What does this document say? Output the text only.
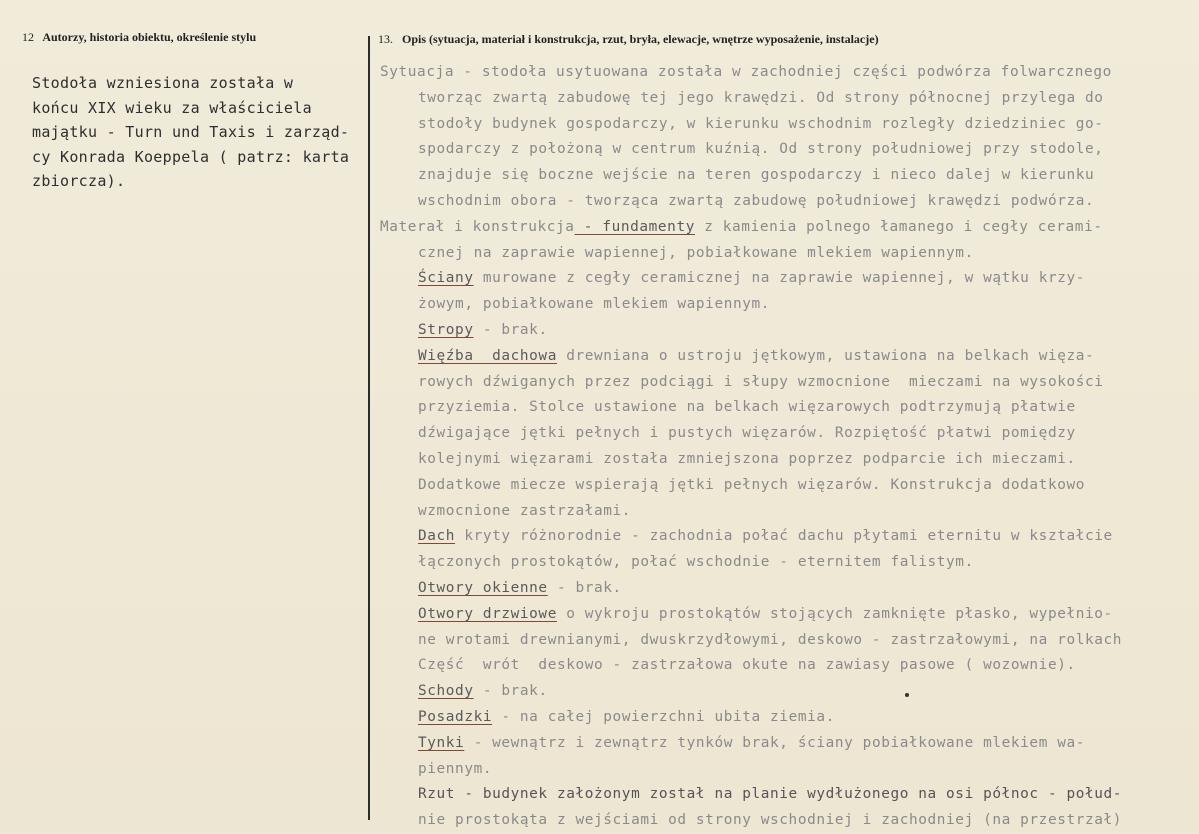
12 Autorzy, historia obiektu, określenie stylu	13. Opis (sytuacja, materiał i konstrukcja, rzut, bryła, elewacje, wnętrze wyposażenie, instalacje)
Stodoła wzniesiona została w
końcu XIX wieku za właściciela
majątku - Turn und Taxis i zarząd-
cy Konrada Koeppela ( patrz: karta
zbiorcza).
Sytuacja - stodoła usytuowana została w zachodniej części podwórza folwarcznego
tworząc zwartą zabudowę tej jego krawędzi. Od strony północnej przylega do
stodoły budynek gospodarczy, w kierunku wschodnim rozległy dziedziniec go-
spodarczy z położoną w centrum kuźnią. Od strony południowej przy stodole,
znajduje się boczne wejście na teren gospodarczy i nieco dalej w kierunku
wschodnim obora - tworząca zwartą zabudowę południowej krawędzi podwórza.
Materał i konstrukcja - fundamenty z kamienia polnego łamanego i cegły cerami-
cznej na zaprawie wapiennej, pobiałkowane mlekiem wapiennym.
Ściany murowane z cegły ceramicznej na zaprawie wapiennej, w wątku krzy-
żowym, pobiałkowane mlekiem wapiennym.
Stropy - brak.
Więźba  dachowa drewniana o ustroju jętkowym, ustawiona na belkach więza-
rowych dźwiganych przez podciągi i słupy wzmocnione  mieczami na wysokości
przyziemia. Stolce ustawione na belkach więzarowych podtrzymują płatwie
dźwigające jętki pełnych i pustych więzarów. Rozpiętość płatwi pomiędzy
kolejnymi więzarami została zmniejszona poprzez podparcie ich mieczami.
Dodatkowe miecze wspierają jętki pełnych więzarów. Konstrukcja dodatkowo
wzmocnione zastrzałami.
Dach kryty różnorodnie - zachodnia połać dachu płytami eternitu w kształcie
łączonych prostokątów, połać wschodnie - eternitem falistym.
Otwory okienne - brak.
Otwory drzwiowe o wykroju prostokątów stojących zamknięte płasko, wypełnio-
ne wrotami drewnianymi, dwuskrzydłowymi, deskowo - zastrzałowymi, na rolkach
Część  wrót  deskowo - zastrzałowa okute na zawiasy pasowe ( wozownie).
Schody - brak.
Posadzki - na całej powierzchni ubita ziemia.
Tynki - wewnątrz i zewnątrz tynków brak, ściany pobiałkowane mlekiem wa-
piennym.
Rzut - budynek założonym został na planie wydłużonego na osi północ - połud-
nie prostokąta z wejściami od strony wschodniej i zachodniej (na przestrzał)
